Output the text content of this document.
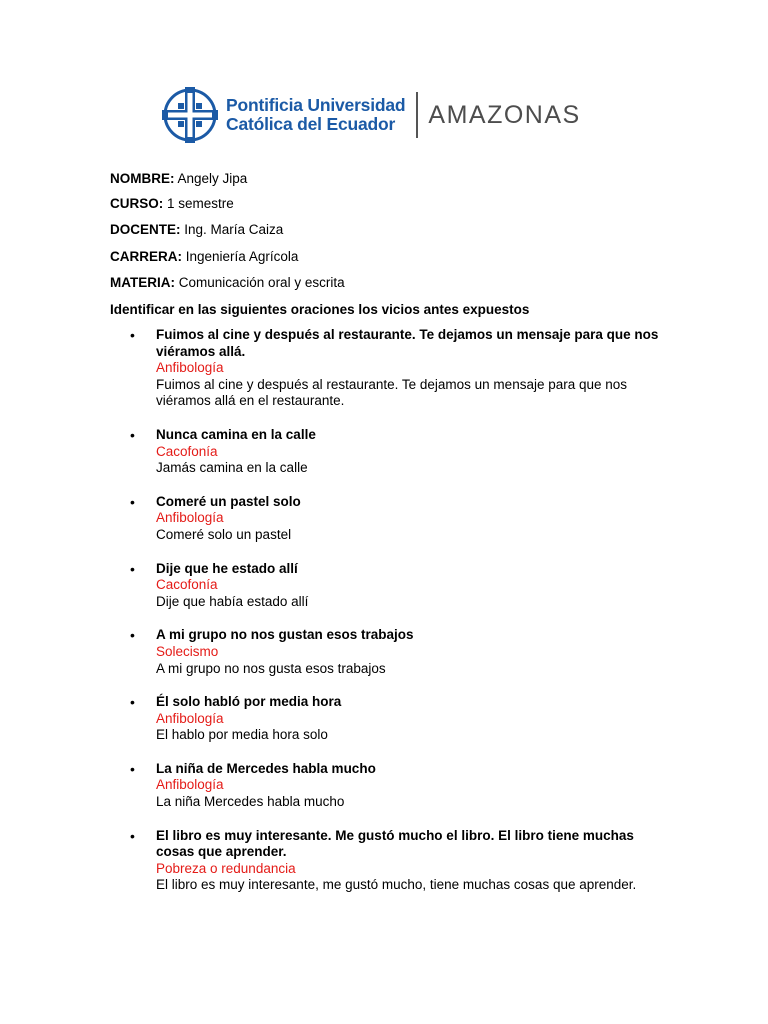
Pontificia Universidad
Católica del Ecuador	AMAZONAS
NOMBRE: Angely Jipa
CURSO: 1 semestre
DOCENTE: Ing. María Caiza
CARRERA: Ingeniería Agrícola
MATERIA: Comunicación oral y escrita
Identificar en las siguientes oraciones los vicios antes expuestos
• Fuimos al cine y después al restaurante. Te dejamos un mensaje para que nos viéramos allá.
Anfibología
Fuimos al cine y después al restaurante. Te dejamos un mensaje para que nos viéramos allá en el restaurante.
• Nunca camina en la calle
Cacofonía
Jamás camina en la calle
• Comeré un pastel solo
Anfibología
Comeré solo un pastel
• Dije que he estado allí
Cacofonía
Dije que había estado allí
• A mi grupo no nos gustan esos trabajos
Solecismo
A mi grupo no nos gusta esos trabajos
• Él solo habló por media hora
Anfibología
El hablo por media hora solo
• La niña de Mercedes habla mucho
Anfibología
La niña Mercedes habla mucho
• El libro es muy interesante. Me gustó mucho el libro. El libro tiene muchas cosas que aprender.
Pobreza o redundancia
El libro es muy interesante, me gustó mucho, tiene muchas cosas que aprender.
